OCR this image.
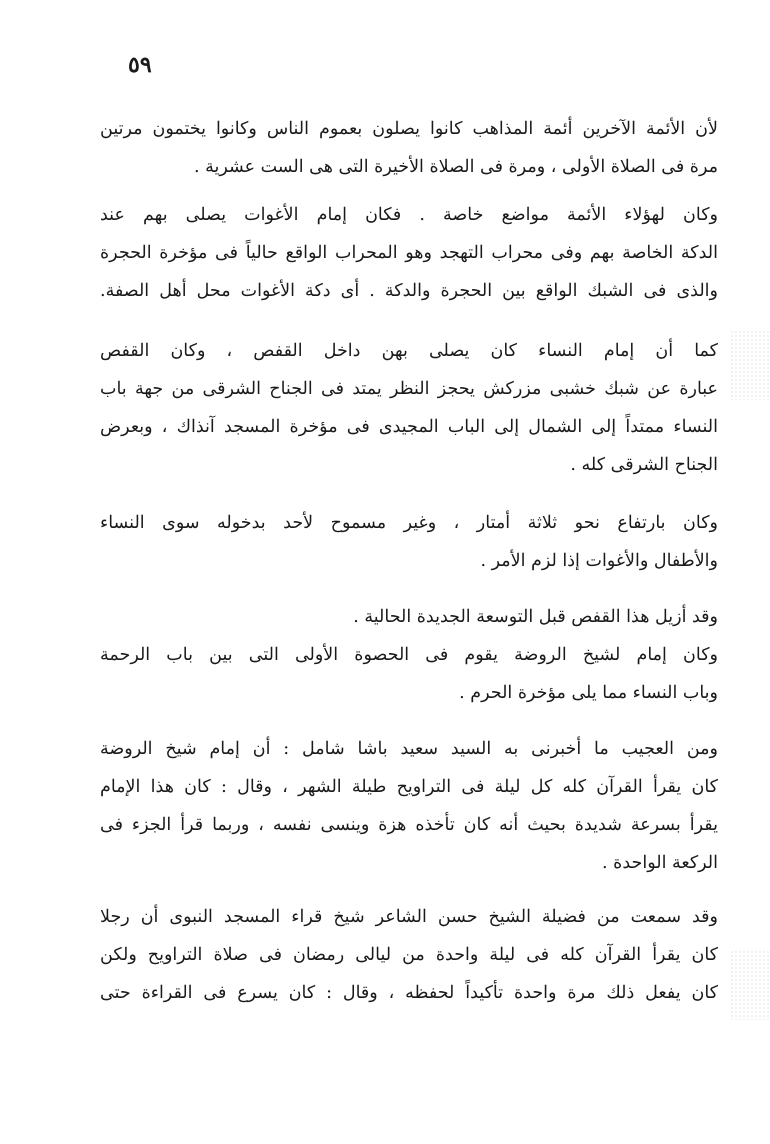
٥٩
لأن الأئمة الآخرين أئمة المذاهب كانوا يصلون بعموم الناس وكانوا يختمون مرتين
مرة فى الصلاة الأولى ، ومرة فى الصلاة الأخيرة التى هى الست عشرية .
وكان لهؤلاء الأئمة مواضع خاصة . فكان إمام الأغوات يصلى بهم عند
الدكة الخاصة بهم وفى محراب التهجد وهو المحراب الواقع حالياً فى مؤخرة الحجرة
والذى فى الشبك الواقع بين الحجرة والدكة . أى دكة الأغوات محل أهل الصفة.
كما أن إمام النساء كان يصلى بهن داخل القفص ، وكان القفص
عبارة عن شبك خشبى مزركش يحجز النظر يمتد فى الجناح الشرقى من جهة باب
النساء ممتداً إلى الشمال إلى الباب المجيدى فى مؤخرة المسجد آنذاك ، وبعرض
الجناح الشرقى كله .
وكان بارتفاع نحو ثلاثة أمتار ، وغير مسموح لأحد بدخوله سوى النساء
والأطفال والأغوات إذا لزم الأمر .
وقد أزيل هذا القفص قبل التوسعة الجديدة الحالية .
وكان إمام لشيخ الروضة يقوم فى الحصوة الأولى التى بين باب الرحمة
وباب النساء مما يلى مؤخرة الحرم .
ومن العجيب ما أخبرنى به السيد سعيد باشا شامل : أن إمام شيخ الروضة
كان يقرأ القرآن كله كل ليلة فى التراويح طيلة الشهر ، وقال : كان هذا الإمام
يقرأ بسرعة شديدة بحيث أنه كان تأخذه هزة وينسى نفسه ، وربما قرأ الجزء فى
الركعة الواحدة .
وقد سمعت من فضيلة الشيخ حسن الشاعر شيخ قراء المسجد النبوى أن رجلا
كان يقرأ القرآن كله فى ليلة واحدة من ليالى رمضان فى صلاة التراويح ولكن
كان يفعل ذلك مرة واحدة تأكيداً لحفظه ، وقال : كان يسرع فى القراءة حتى
